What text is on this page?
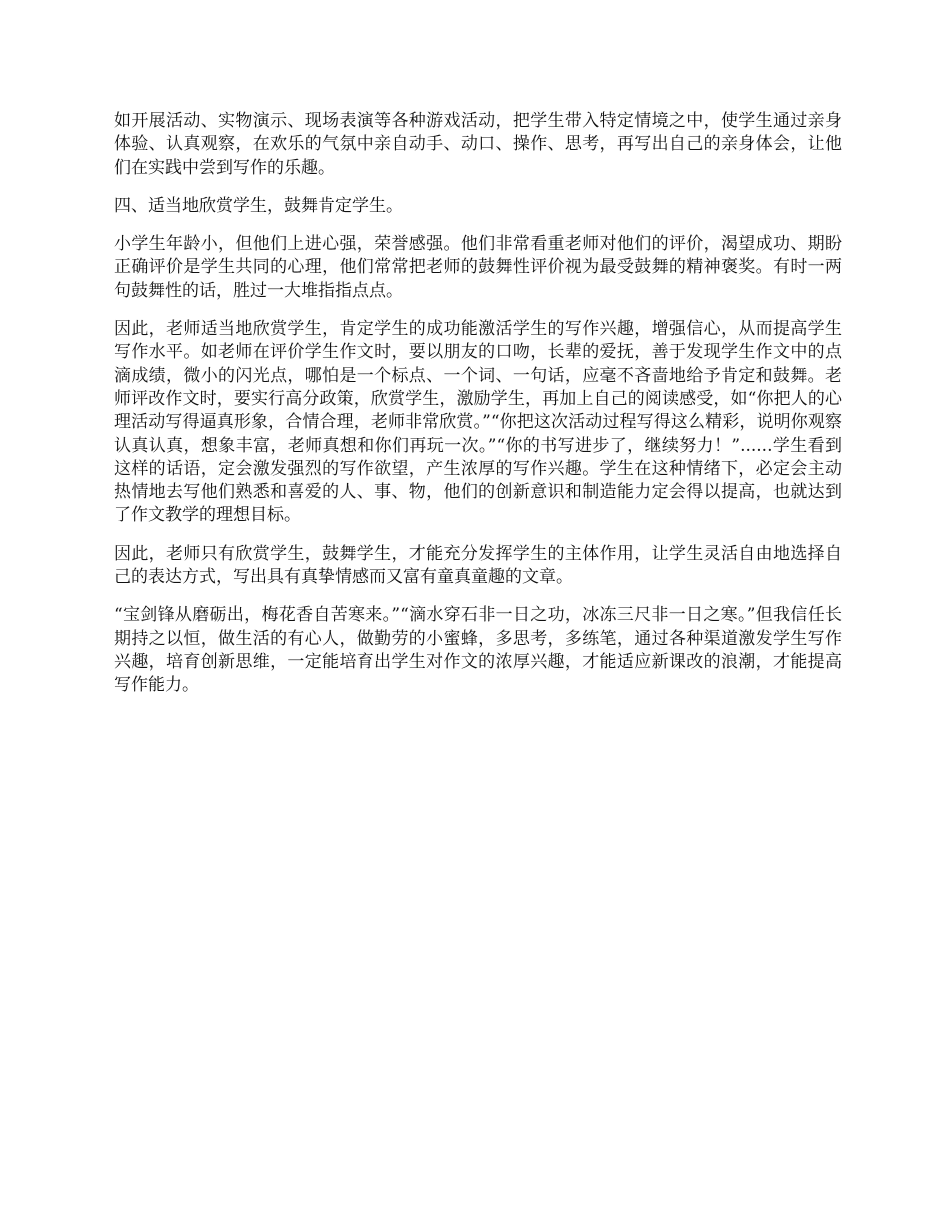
如开展活动、实物演示、现场表演等各种游戏活动，把学生带入特定情境之中，使学生通过亲身体验、认真观察，在欢乐的气氛中亲自动手、动口、操作、思考，再写出自己的亲身体会，让他们在实践中尝到写作的乐趣。

四、适当地欣赏学生，鼓舞肯定学生。

小学生年龄小，但他们上进心强，荣誉感强。他们非常看重老师对他们的评价，渴望成功、期盼正确评价是学生共同的心理，他们常常把老师的鼓舞性评价视为最受鼓舞的精神褒奖。有时一两句鼓舞性的话，胜过一大堆指指点点。

因此，老师适当地欣赏学生，肯定学生的成功能激活学生的写作兴趣，增强信心，从而提高学生写作水平。如老师在评价学生作文时，要以朋友的口吻，长辈的爱抚，善于发现学生作文中的点滴成绩，微小的闪光点，哪怕是一个标点、一个词、一句话，应毫不吝啬地给予肯定和鼓舞。老师评改作文时，要实行高分政策，欣赏学生，激励学生，再加上自己的阅读感受，如“你把人的心理活动写得逼真形象，合情合理，老师非常欣赏。”“你把这次活动过程写得这么精彩，说明你观察认真认真，想象丰富，老师真想和你们再玩一次。”“你的书写进步了，继续努力！”......学生看到这样的话语，定会激发强烈的写作欲望，产生浓厚的写作兴趣。学生在这种情绪下，必定会主动热情地去写他们熟悉和喜爱的人、事、物，他们的创新意识和制造能力定会得以提高，也就达到了作文教学的理想目标。

因此，老师只有欣赏学生，鼓舞学生，才能充分发挥学生的主体作用，让学生灵活自由地选择自己的表达方式，写出具有真挚情感而又富有童真童趣的文章。

“宝剑锋从磨砺出，梅花香自苦寒来。”“滴水穿石非一日之功，冰冻三尺非一日之寒。”但我信任长期持之以恒，做生活的有心人，做勤劳的小蜜蜂，多思考，多练笔，通过各种渠道激发学生写作兴趣，培育创新思维，一定能培育出学生对作文的浓厚兴趣，才能适应新课改的浪潮，才能提高写作能力。
